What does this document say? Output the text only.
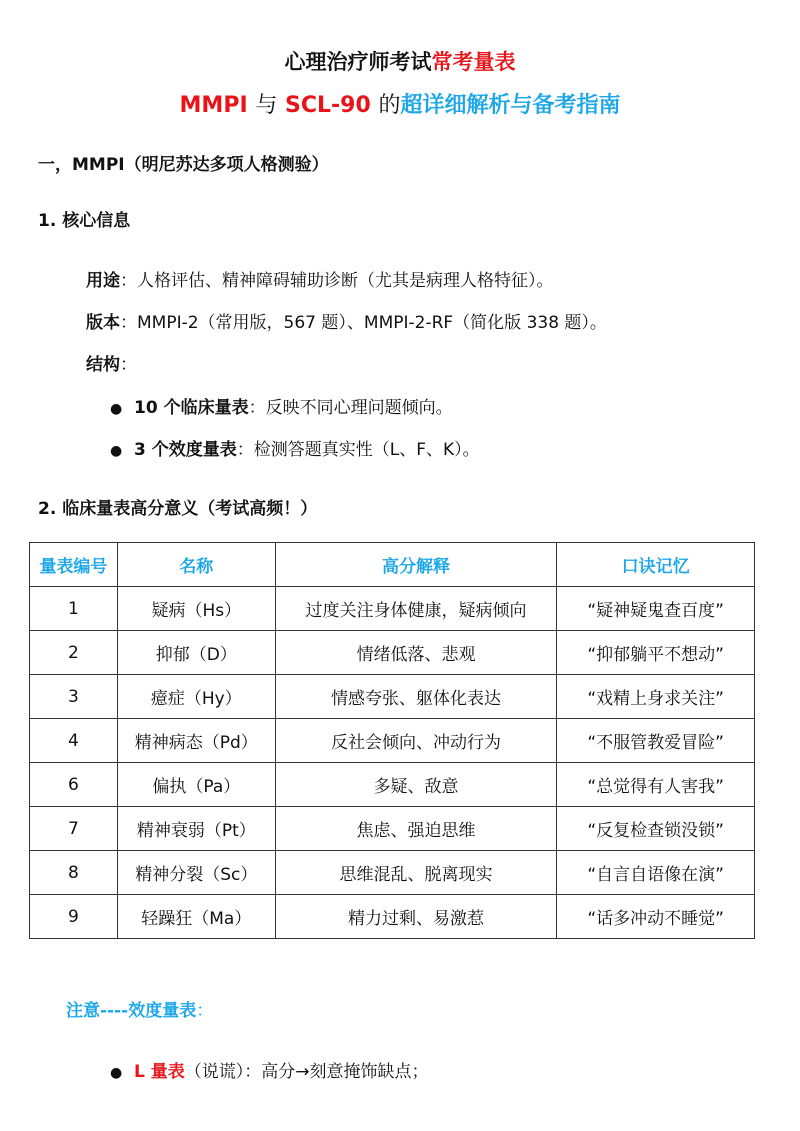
心理治疗师考试常考量表
MMPI 与 SCL-90 的超详细解析与备考指南
一，MMPI（明尼苏达多项人格测验）
1. 核心信息
用途：人格评估、精神障碍辅助诊断（尤其是病理人格特征）。
版本：MMPI-2（常用版，567 题）、MMPI-2-RF（简化版 338 题）。
结构：
● 10 个临床量表：反映不同心理问题倾向。
● 3 个效度量表：检测答题真实性（L、F、K）。
2. 临床量表高分意义（考试高频！）
量表编号	名称	高分解释	口诀记忆
1	疑病（Hs）	过度关注身体健康，疑病倾向	“疑神疑鬼查百度”
2	抑郁（D）	情绪低落、悲观	“抑郁躺平不想动”
3	癔症（Hy）	情感夸张、躯体化表达	“戏精上身求关注”
4	精神病态（Pd）	反社会倾向、冲动行为	“不服管教爱冒险”
6	偏执（Pa）	多疑、敌意	“总觉得有人害我”
7	精神衰弱（Pt）	焦虑、强迫思维	“反复检查锁没锁”
8	精神分裂（Sc）	思维混乱、脱离现实	“自言自语像在演”
9	轻躁狂（Ma）	精力过剩、易激惹	“话多冲动不睡觉”
注意----效度量表：
● L 量表（说谎）：高分→刻意掩饰缺点；
